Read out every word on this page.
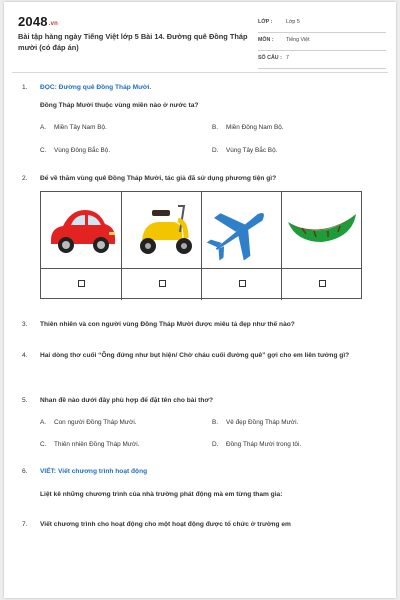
2048.vn
Bài tập hàng ngày Tiếng Việt lớp 5 Bài 14. Đường quê Đồng Tháp mười (có đáp án)
LỚP :	Lớp 5
MÔN : Tiếng Việt
SỐ CÂU : 7
1. ĐỌC: Đường quê Đồng Tháp Mười.
Đồng Tháp Mười thuộc vùng miền nào ở nước ta?
A. Miền Tây Nam Bộ.	B. Miền Đông Nam Bộ.
C. Vùng Đông Bắc Bộ.	D. Vùng Tây Bắc Bộ.
2. Để về thăm vùng quê Đồng Tháp Mười, tác giả đã sử dụng phương tiện gì?
3. Thiên nhiên và con người vùng Đồng Tháp Mười được miêu tả đẹp như thế nào?
4. Hai dòng thơ cuối “Ông đứng như bụt hiện/ Chờ cháu cuối đường quê” gợi cho em liên tưởng gì?
5. Nhan đề nào dưới đây phù hợp để đặt tên cho bài thơ?
A. Con người Đồng Tháp Mười.	B. Vẻ đẹp Đồng Tháp Mười.
C. Thiên nhiên Đồng Tháp Mười.	D. Đồng Tháp Mười trong tôi.
6. VIẾT: Viết chương trình hoạt động
Liệt kê những chương trình của nhà trường phát động mà em từng tham gia:
7. Viết chương trình cho hoạt động cho một hoạt động được tổ chức ở trường em
